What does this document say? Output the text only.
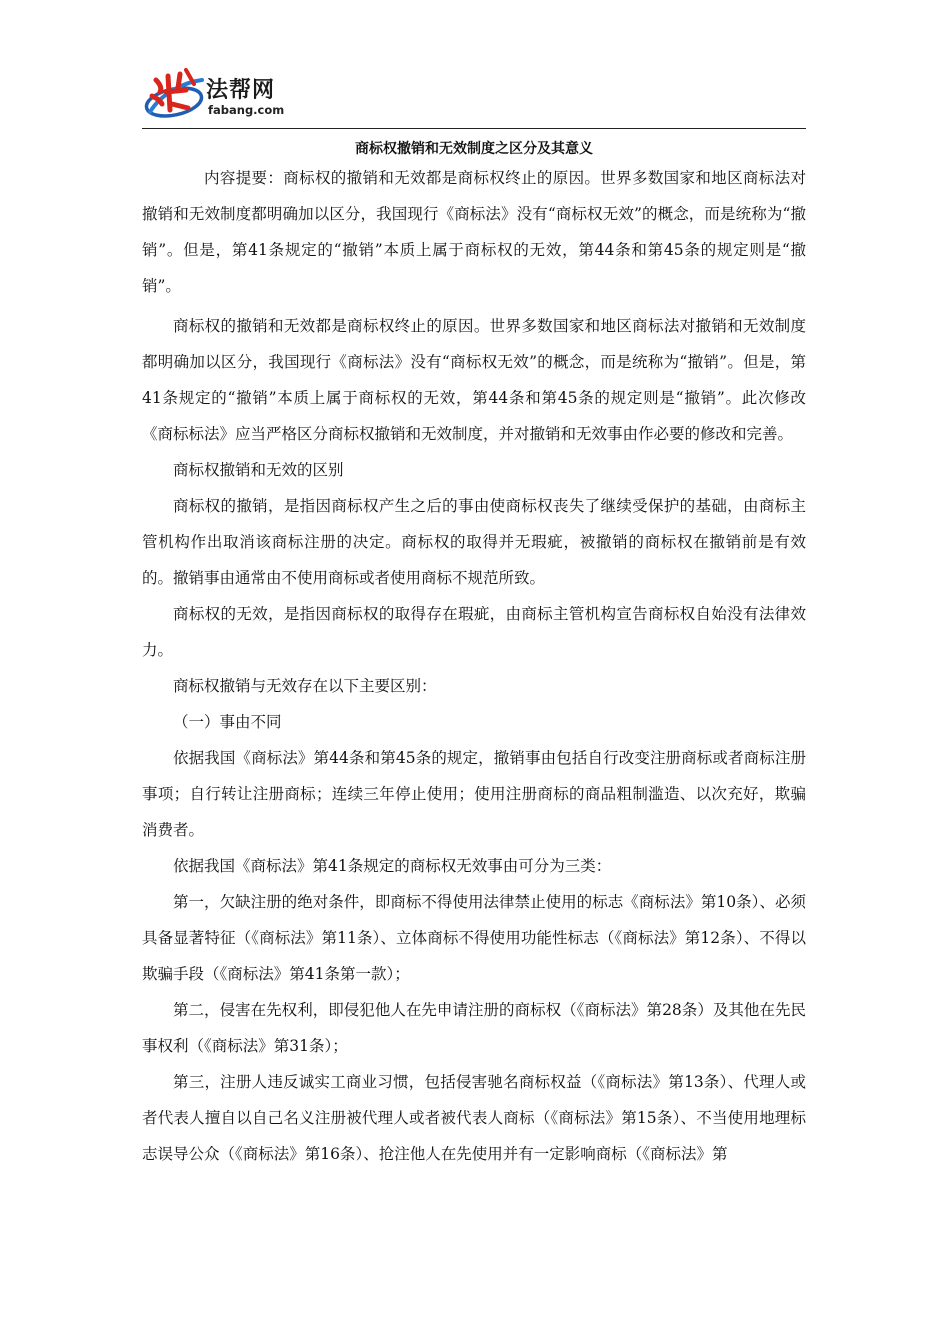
法帮网
fabang.com
商标权撤销和无效制度之区分及其意义

内容提要：商标权的撤销和无效都是商标权终止的原因。世界多数国家和地区商标法对撤销和无效制度都明确加以区分，我国现行《商标法》没有“商标权无效”的概念，而是统称为“撤销”。但是，第41条规定的“撤销”本质上属于商标权的无效，第44条和第45条的规定则是“撤销”。

商标权的撤销和无效都是商标权终止的原因。世界多数国家和地区商标法对撤销和无效制度都明确加以区分，我国现行《商标法》没有“商标权无效”的概念，而是统称为“撤销”。但是，第41条规定的“撤销”本质上属于商标权的无效，第44条和第45条的规定则是“撤销”。此次修改《商标标法》应当严格区分商标权撤销和无效制度，并对撤销和无效事由作必要的修改和完善。

商标权撤销和无效的区别

商标权的撤销，是指因商标权产生之后的事由使商标权丧失了继续受保护的基础，由商标主管机构作出取消该商标注册的决定。商标权的取得并无瑕疵，被撤销的商标权在撤销前是有效的。撤销事由通常由不使用商标或者使用商标不规范所致。

商标权的无效，是指因商标权的取得存在瑕疵，由商标主管机构宣告商标权自始没有法律效力。

商标权撤销与无效存在以下主要区别：

（一）事由不同

依据我国《商标法》第44条和第45条的规定，撤销事由包括自行改变注册商标或者商标注册事项；自行转让注册商标；连续三年停止使用；使用注册商标的商品粗制滥造、以次充好，欺骗消费者。

依据我国《商标法》第41条规定的商标权无效事由可分为三类：

第一，欠缺注册的绝对条件，即商标不得使用法律禁止使用的标志《商标法》第10条）、必须具备显著特征（《商标法》第11条）、立体商标不得使用功能性标志（《商标法》第12条）、不得以欺骗手段（《商标法》第41条第一款）；

第二，侵害在先权利，即侵犯他人在先申请注册的商标权（《商标法》第28条）及其他在先民事权利（《商标法》第31条）；

第三，注册人违反诚实工商业习惯，包括侵害驰名商标权益（《商标法》第13条）、代理人或者代表人擅自以自己名义注册被代理人或者被代表人商标（《商标法》第15条）、不当使用地理标志误导公众（《商标法》第16条）、抢注他人在先使用并有一定影响商标（《商标法》第
